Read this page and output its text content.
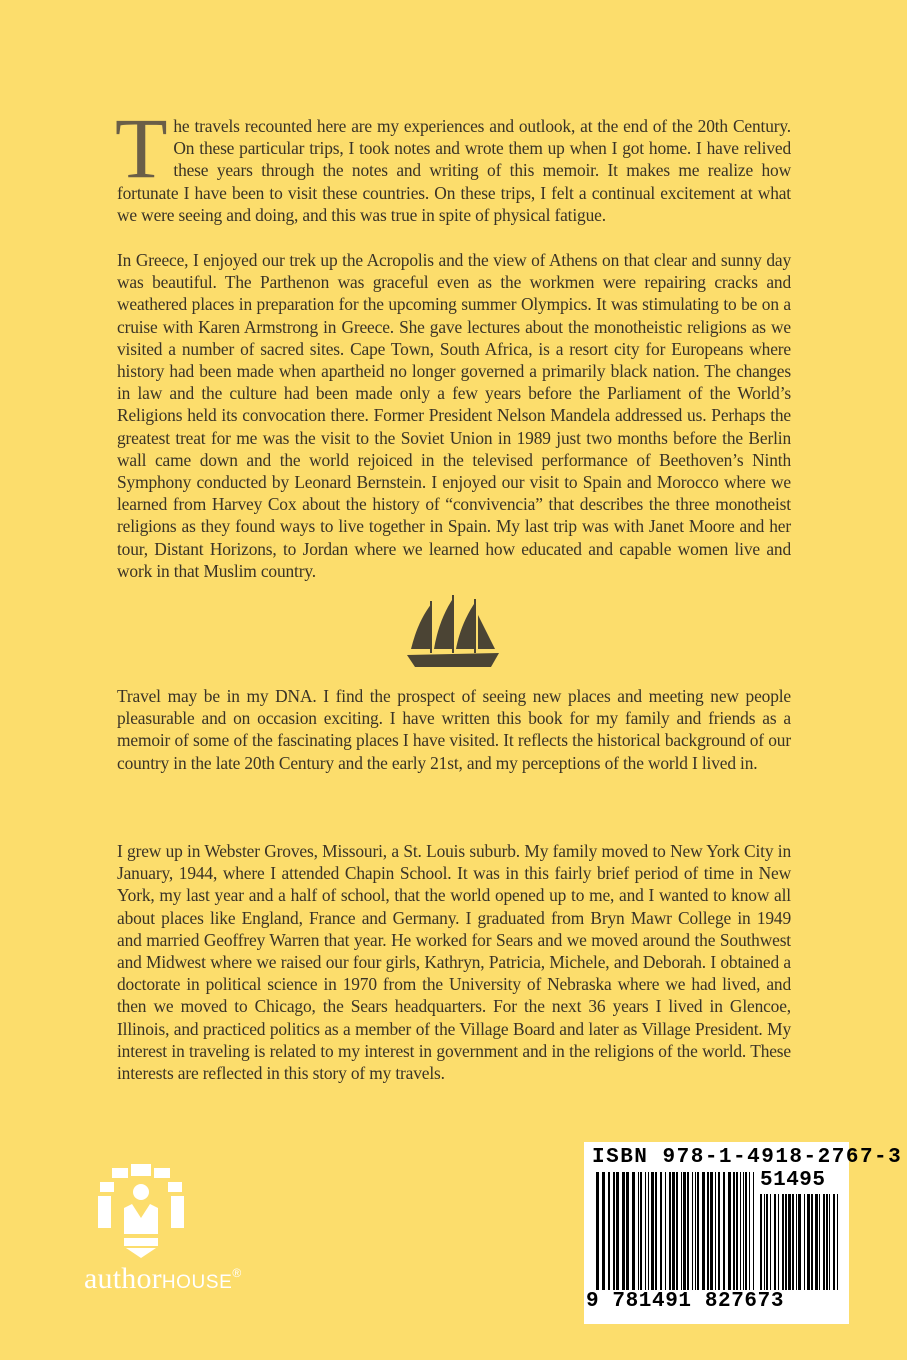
The travels recounted here are my experiences and outlook, at the end of the 20th Century. On these particular trips, I took notes and wrote them up when I got home. I have relived these years through the notes and writing of this memoir. It makes me realize how fortunate I have been to visit these countries. On these trips, I felt a continual excitement at what we were seeing and doing, and this was true in spite of physical fatigue.

In Greece, I enjoyed our trek up the Acropolis and the view of Athens on that clear and sunny day was beautiful. The Parthenon was graceful even as the workmen were repairing cracks and weathered places in preparation for the upcoming summer Olympics. It was stimulating to be on a cruise with Karen Armstrong in Greece. She gave lectures about the monotheistic religions as we visited a number of sacred sites. Cape Town, South Africa, is a resort city for Europeans where history had been made when apartheid no longer governed a primarily black nation. The changes in law and the culture had been made only a few years before the Parliament of the World’s Religions held its convocation there. Former President Nelson Mandela addressed us. Perhaps the greatest treat for me was the visit to the Soviet Union in 1989 just two months before the Berlin wall came down and the world rejoiced in the televised performance of Beethoven’s Ninth Symphony conducted by Leonard Bernstein. I enjoyed our visit to Spain and Morocco where we learned from Harvey Cox about the history of “convivencia” that describes the three monotheist religions as they found ways to live together in Spain. My last trip was with Janet Moore and her tour, Distant Horizons, to Jordan where we learned how educated and capable women live and work in that Muslim country.

Travel may be in my DNA. I find the prospect of seeing new places and meeting new people pleasurable and on occasion exciting. I have written this book for my family and friends as a memoir of some of the fascinating places I have visited. It reflects the historical background of our country in the late 20th Century and the early 21st, and my perceptions of the world I lived in.

I grew up in Webster Groves, Missouri, a St. Louis suburb. My family moved to New York City in January, 1944, where I attended Chapin School. It was in this fairly brief period of time in New York, my last year and a half of school, that the world opened up to me, and I wanted to know all about places like England, France and Germany. I graduated from Bryn Mawr College in 1949 and married Geoffrey Warren that year. He worked for Sears and we moved around the Southwest and Midwest where we raised our four girls, Kathryn, Patricia, Michele, and Deborah. I obtained a doctorate in political science in 1970 from the University of Nebraska where we had lived, and then we moved to Chicago, the Sears headquarters. For the next 36 years I lived in Glencoe, Illinois, and practiced politics as a member of the Village Board and later as Village President. My interest in traveling is related to my interest in government and in the religions of the world. These interests are reflected in this story of my travels.

authorHOUSE®

ISBN 978-1-4918-2767-3

51495

9 781491 827673
